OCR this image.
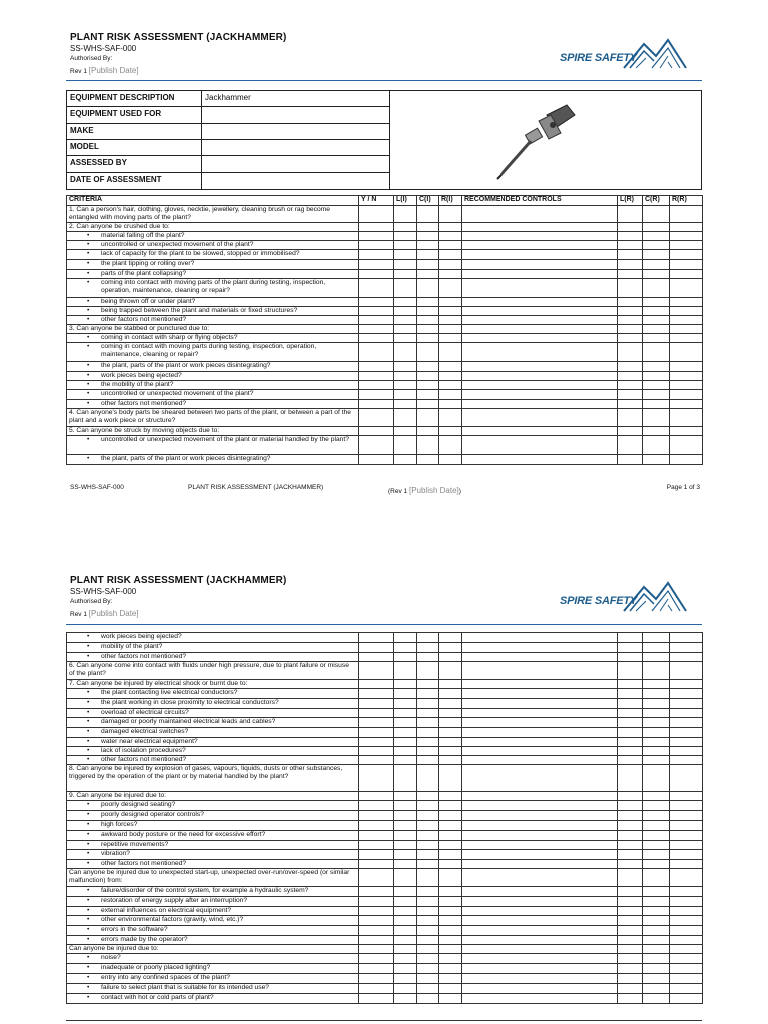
PLANT RISK ASSESSMENT (JACKHAMMER)
SS-WHS-SAF-000
Authorised By:
Rev 1 [Publish Date]
SPIRE SAFETY
EQUIPMENT DESCRIPTION	Jackhammer
EQUIPMENT USED FOR
MAKE
MODEL
ASSESSED BY
DATE OF ASSESSMENT
CRITERIA	Y / N	L(I)	C(I)	R(I)	RECOMMENDED CONTROLS	L(R)	C(R)	R(R)
1. Can a person's hair, clothing, gloves, necktie, jewellery, cleaning brush or rag become entangled with moving parts of the plant?								
2. Can anyone be crushed due to:								
• material falling off the plant?								
• uncontrolled or unexpected movement of the plant?								
• lack of capacity for the plant to be slowed, stopped or immobilised?								
• the plant tipping or rolling over?								
• parts of the plant collapsing?								
• coming into contact with moving parts of the plant during testing, inspection, operation, maintenance, cleaning or repair?								
• being thrown off or under plant?								
• being trapped between the plant and materials or fixed structures?								
• other factors not mentioned?								
3. Can anyone be stabbed or punctured due to:								
• coming in contact with sharp or flying objects?								
• coming in contact with moving parts during testing, inspection, operation, maintenance, cleaning or repair?								
• the plant, parts of the plant or work pieces disintegrating?								
• work pieces being ejected?								
• the mobility of the plant?								
• uncontrolled or unexpected movement of the plant?								
• other factors not mentioned?								
4. Can anyone's body parts be sheared between two parts of the plant, or between a part of the plant and a work piece or structure?								
5. Can anyone be struck by moving objects due to:								
• uncontrolled or unexpected movement of the plant or material handled by the plant?								
• the plant, parts of the plant or work pieces disintegrating?								
SS-WHS-SAF-000	PLANT RISK ASSESSMENT (JACKHAMMER)
(Rev 1 [Publish Date])
Page 1 of 3
PLANT RISK ASSESSMENT (JACKHAMMER)
SS-WHS-SAF-000
Authorised By:
Rev 1 [Publish Date]
SPIRE SAFETY
• work pieces being ejected?								
• mobility of the plant?								
• other factors not mentioned?								
6. Can anyone come into contact with fluids under high pressure, due to plant failure or misuse of the plant?								
7. Can anyone be injured by electrical shock or burnt due to:								
• the plant contacting live electrical conductors?								
• the plant working in close proximity to electrical conductors?								
• overload of electrical circuits?								
• damaged or poorly maintained electrical leads and cables?								
• damaged electrical switches?								
• water near electrical equipment?								
• lack of isolation procedures?								
• other factors not mentioned?								
8. Can anyone be injured by explosion of gases, vapours, liquids, dusts or other substances, triggered by the operation of the plant or by material handled by the plant?								
9. Can anyone be injured due to:								
• poorly designed seating?								
• poorly designed operator controls?								
• high forces?								
• awkward body posture or the need for excessive effort?								
• repetitive movements?								
• vibration?								
• other factors not mentioned?								
Can anyone be injured due to unexpected start-up, unexpected over-run/over-speed (or similar malfunction) from:								
• failure/disorder of the control system, for example a hydraulic system?								
• restoration of energy supply after an interruption?								
• external influences on electrical equipment?								
• other environmental factors (gravity, wind, etc.)?								
• errors in the software?								
• errors made by the operator?								
Can anyone be injured due to:								
• noise?								
• inadequate or poorly placed lighting?								
• entry into any confined spaces of the plant?								
• failure to select plant that is suitable for its intended use?								
• contact with hot or cold parts of plant?								
